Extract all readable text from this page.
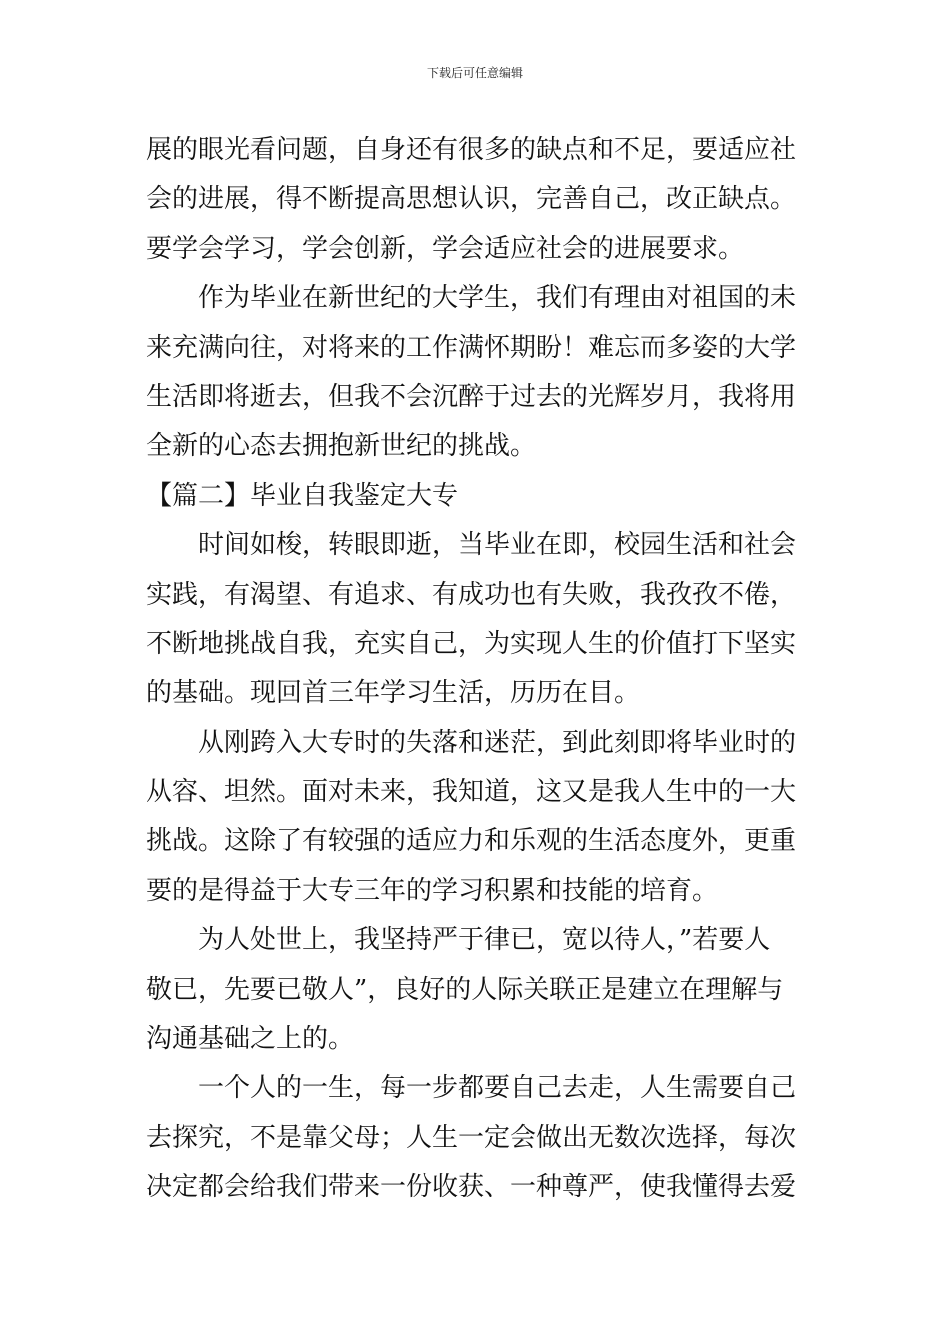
下载后可任意编辑
展的眼光看问题，自身还有很多的缺点和不足，要适应社
会的进展，得不断提高思想认识，完善自己，改正缺点。
要学会学习，学会创新，学会适应社会的进展要求。
作为毕业在新世纪的大学生，我们有理由对祖国的未
来充满向往，对将来的工作满怀期盼！难忘而多姿的大学
生活即将逝去，但我不会沉醉于过去的光辉岁月，我将用
全新的心态去拥抱新世纪的挑战。
【篇二】毕业自我鉴定大专
时间如梭，转眼即逝，当毕业在即，校园生活和社会
实践，有渴望、有追求、有成功也有失败，我孜孜不倦，
不断地挑战自我，充实自己，为实现人生的价值打下坚实
的基础。现回首三年学习生活，历历在目。
从刚跨入大专时的失落和迷茫，到此刻即将毕业时的
从容、坦然。面对未来，我知道，这又是我人生中的一大
挑战。这除了有较强的适应力和乐观的生活态度外，更重
要的是得益于大专三年的学习积累和技能的培育。
为人处世上，我坚持严于律已，宽以待人，”若要人
敬已，先要已敬人”，良好的人际关联正是建立在理解与
沟通基础之上的。
一个人的一生，每一步都要自己去走，人生需要自己
去探究，不是靠父母；人生一定会做出无数次选择，每次
决定都会给我们带来一份收获、一种尊严，使我懂得去爱
